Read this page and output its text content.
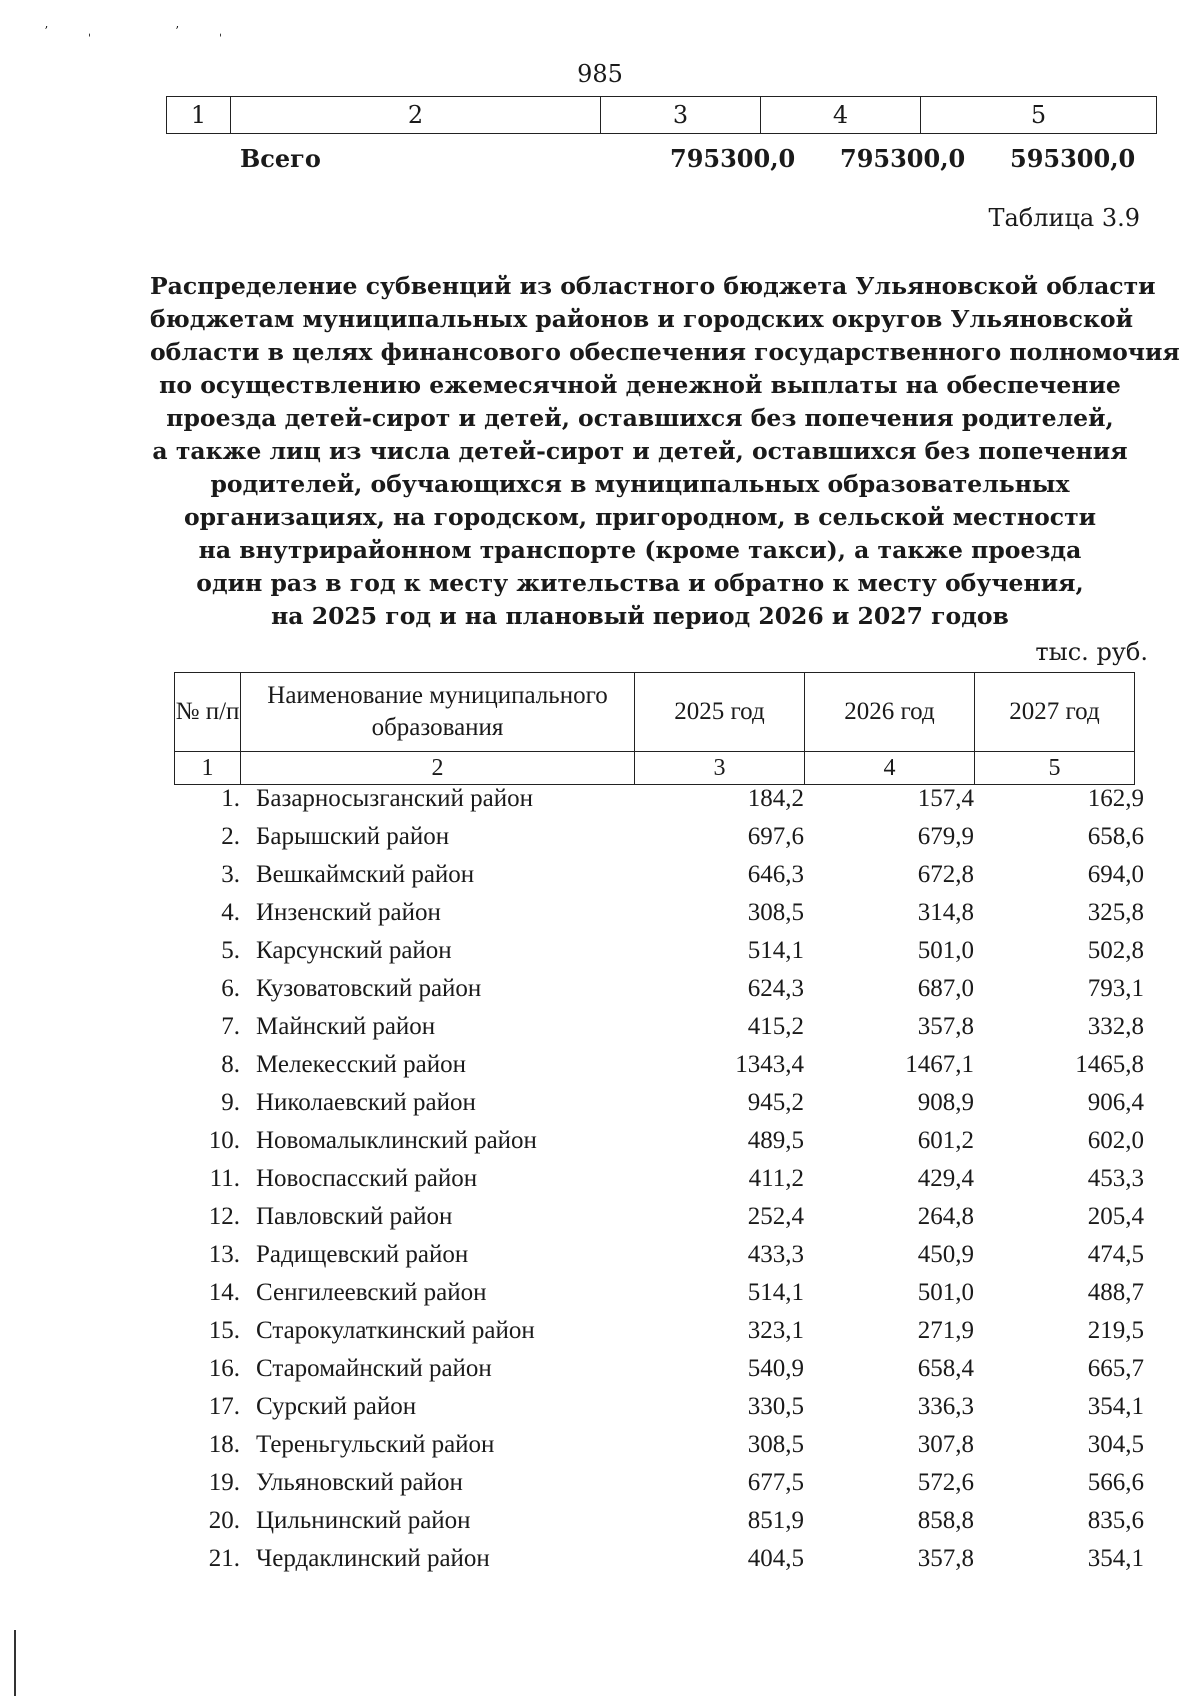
ʼˌ ʼˌ
985
1	2	3	4	5
Всего	795300,0 795300,0 595300,0
Таблица 3.9
Распределение субвенций из областного бюджета Ульяновской области
бюджетам муниципальных районов и городских округов Ульяновской
области в целях финансового обеспечения государственного полномочия
по осуществлению ежемесячной денежной выплаты на обеспечение
проезда детей-сирот и детей, оставшихся без попечения родителей,
а также лиц из числа детей-сирот и детей, оставшихся без попечения
родителей, обучающихся в муниципальных образовательных
организациях, на городском, пригородном, в сельской местности
на внутрирайонном транспорте (кроме такси), а также проезда
один раз в год к месту жительства и обратно к месту обучения,
на 2025 год и на плановый период 2026 и 2027 годов
тыс. руб.
№ п/п	Наименование муниципального образования	2025 год	2026 год	2027 год
1	2	3	4	5
1. Базарносызганский район	184,2	157,4	162,9
2. Барышский район	697,6	679,9	658,6
3. Вешкаймский район	646,3	672,8	694,0
4. Инзенский район	308,5	314,8	325,8
5. Карсунский район	514,1	501,0	502,8
6. Кузоватовский район	624,3	687,0	793,1
7. Майнский район	415,2	357,8	332,8
8. Мелекесский район	1343,4	1467,1	1465,8
9. Николаевский район	945,2	908,9	906,4
10. Новомалыклинский район	489,5	601,2	602,0
11. Новоспасский район	411,2	429,4	453,3
12. Павловский район	252,4	264,8	205,4
13. Радищевский район	433,3	450,9	474,5
14. Сенгилеевский район	514,1	501,0	488,7
15. Старокулаткинский район	323,1	271,9	219,5
16. Старомайнский район	540,9	658,4	665,7
17. Сурский район	330,5	336,3	354,1
18. Тереньгульский район	308,5	307,8	304,5
19. Ульяновский район	677,5	572,6	566,6
20. Цильнинский район	851,9	858,8	835,6
21. Чердаклинский район	404,5	357,8	354,1
